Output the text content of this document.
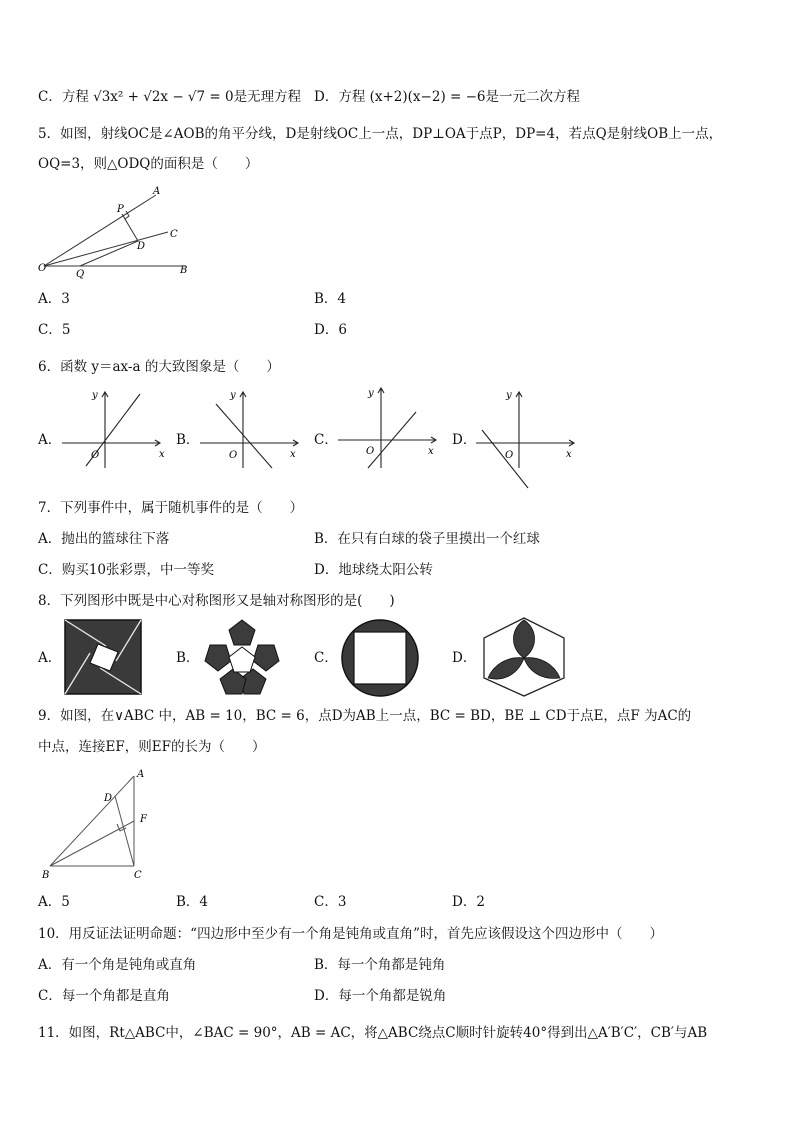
C．方程 √3x² + √2x − √7 = 0是无理方程 D．方程 (x+2)(x−2) = −6是一元二次方程
5．如图，射线OC是∠AOB的角平分线，D是射线OC上一点，DP⊥OA于点P，DP=4，若点Q是射线OB上一点，
OQ=3，则△ODQ的面积是（　　）
A
P
C
D
O
Q	B
A．3	B．4
C．5	D．6
6．函数 y＝ax-a 的大致图象是（　　）
A．
x
y
O
B．
x
y
O
C．
x
y
O
D．
x
y
O
7．下列事件中，属于随机事件的是（　　）
A．抛出的篮球往下落	B．在只有白球的袋子里摸出一个红球
C．购买10张彩票，中一等奖	D．地球绕太阳公转
8．下列图形中既是中心对称图形又是轴对称图形的是(　　)
A．	B．	C．	D．
9．如图，在∨ABC 中，AB = 10，BC = 6，点D为AB上一点，BC = BD，BE ⊥ CD于点E，点F 为AC的
中点，连接EF，则EF的长为（　　）
A
D
F
B	C
A．5	B．4	C．3	D．2
10．用反证法证明命题：“四边形中至少有一个角是钝角或直角”时，首先应该假设这个四边形中（　　）
A．有一个角是钝角或直角	B．每一个角都是钝角
C．每一个角都是直角	D．每一个角都是锐角
11．如图，Rt△ABC中，∠BAC = 90°，AB = AC，将△ABC绕点C顺时针旋转40°得到出△A′B′C′，CB′与AB
